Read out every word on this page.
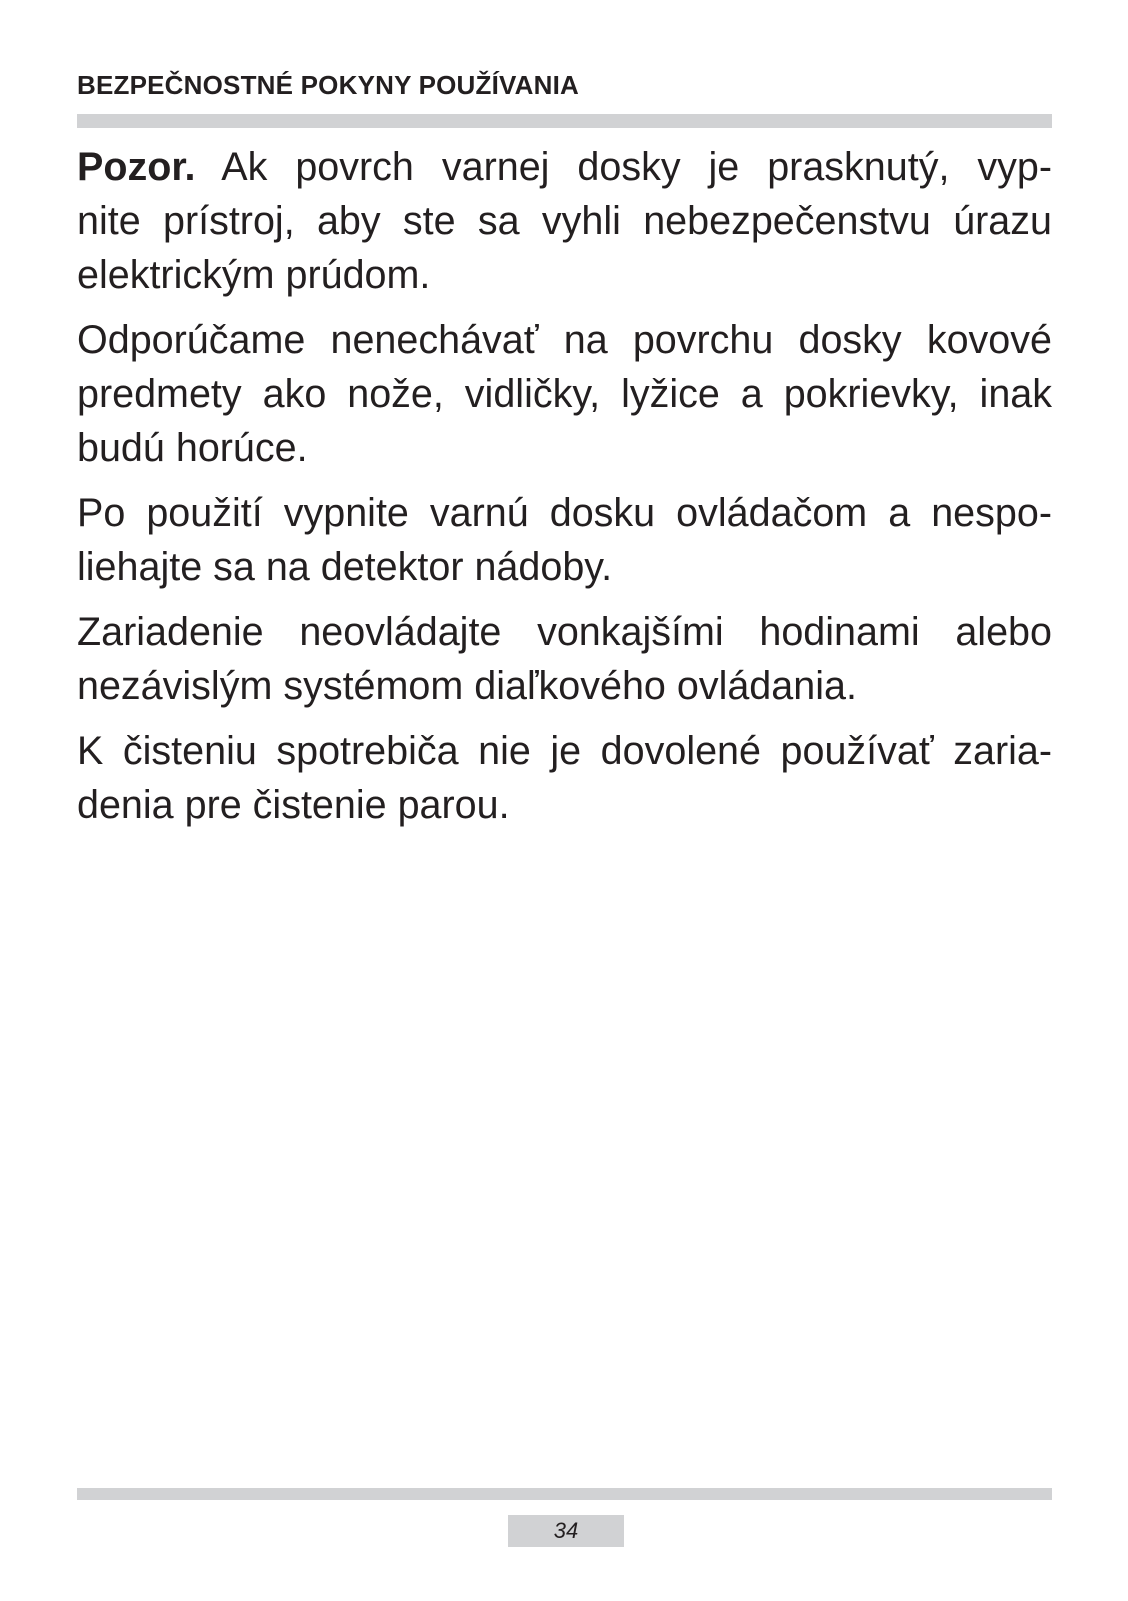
BEZPEČNOSTNÉ POKYNY POUŽÍVANIA

Pozor. Ak povrch varnej dosky je prasknutý, vyp-
nite prístroj, aby ste sa vyhli nebezpečenstvu úrazu
elektrickým prúdom.

Odporúčame nenechávať na povrchu dosky kovové
predmety ako nože, vidličky, lyžice a pokrievky, inak
budú horúce.

Po použití vypnite varnú dosku ovládačom a nespo-
liehajte sa na detektor nádoby.

Zariadenie neovládajte vonkajšími hodinami alebo
nezávislým systémom diaľkového ovládania.

K čisteniu spotrebiča nie je dovolené používať zaria-
denia pre čistenie parou.

34
